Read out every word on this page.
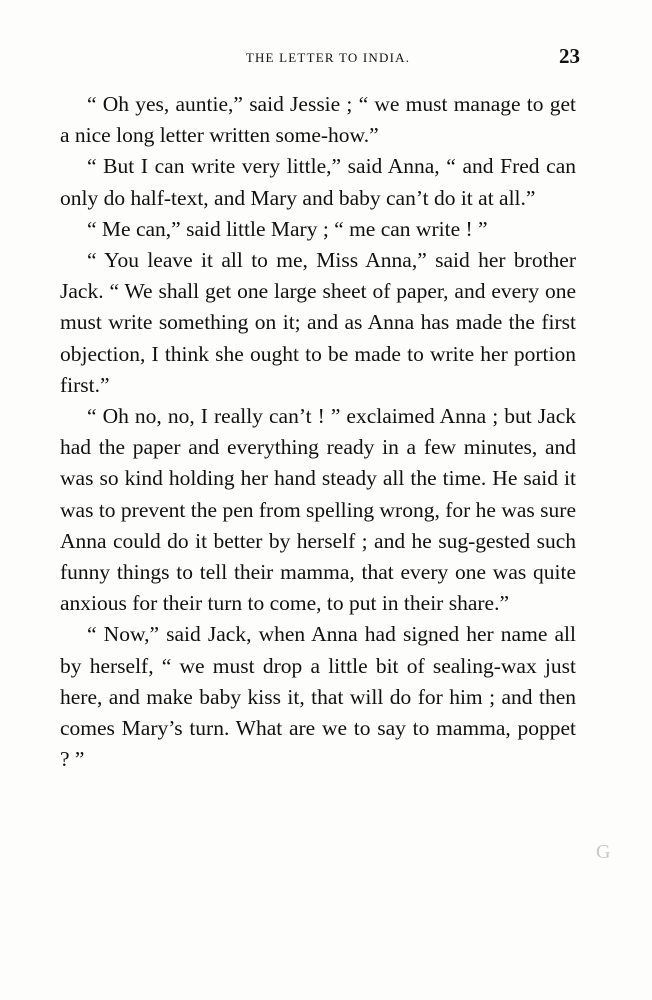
THE LETTER TO INDIA.	23

“ Oh yes, auntie,” said Jessie ; “ we must manage to get a nice long letter written some-how.”

“ But I can write very little,” said Anna, “ and Fred can only do half-text, and Mary and baby can’t do it at all.”

“ Me can,” said little Mary ; “ me can write ! ”

“ You leave it all to me, Miss Anna,” said her brother Jack. “ We shall get one large sheet of paper, and every one must write something on it; and as Anna has made the first objection, I think she ought to be made to write her portion first.”

“ Oh no, no, I really can’t ! ” exclaimed Anna ; but Jack had the paper and everything ready in a few minutes, and was so kind holding her hand steady all the time. He said it was to prevent the pen from spelling wrong, for he was sure Anna could do it better by herself ; and he sug-gested such funny things to tell their mamma, that every one was quite anxious for their turn to come, to put in their share.”

“ Now,” said Jack, when Anna had signed her name all by herself, “ we must drop a little bit of sealing-wax just here, and make baby kiss it, that will do for him ; and then comes Mary’s turn. What are we to say to mamma, poppet ? ”

G
